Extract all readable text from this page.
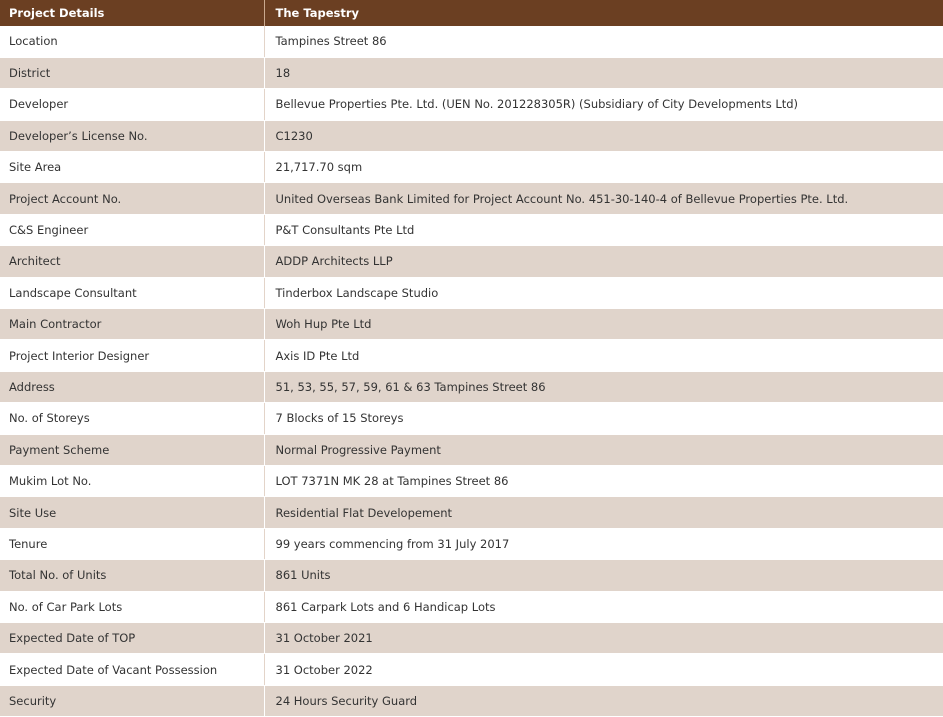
Project Details	The Tapestry
Location	Tampines Street 86
District	18
Developer	Bellevue Properties Pte. Ltd. (UEN No. 201228305R) (Subsidiary of City Developments Ltd)
Developer’s License No.	C1230
Site Area	21,717.70 sqm
Project Account No.	United Overseas Bank Limited for Project Account No. 451-30-140-4 of Bellevue Properties Pte. Ltd.
C&S Engineer	P&T Consultants Pte Ltd
Architect	ADDP Architects LLP
Landscape Consultant	Tinderbox Landscape Studio
Main Contractor	Woh Hup Pte Ltd
Project Interior Designer	Axis ID Pte Ltd
Address	51, 53, 55, 57, 59, 61 & 63 Tampines Street 86
No. of Storeys	7 Blocks of 15 Storeys
Payment Scheme	Normal Progressive Payment
Mukim Lot No.	LOT 7371N MK 28 at Tampines Street 86
Site Use	Residential Flat Developement
Tenure	99 years commencing from 31 July 2017
Total No. of Units	861 Units
No. of Car Park Lots	861 Carpark Lots and 6 Handicap Lots
Expected Date of TOP	31 October 2021
Expected Date of Vacant Possession	31 October 2022
Security	24 Hours Security Guard
